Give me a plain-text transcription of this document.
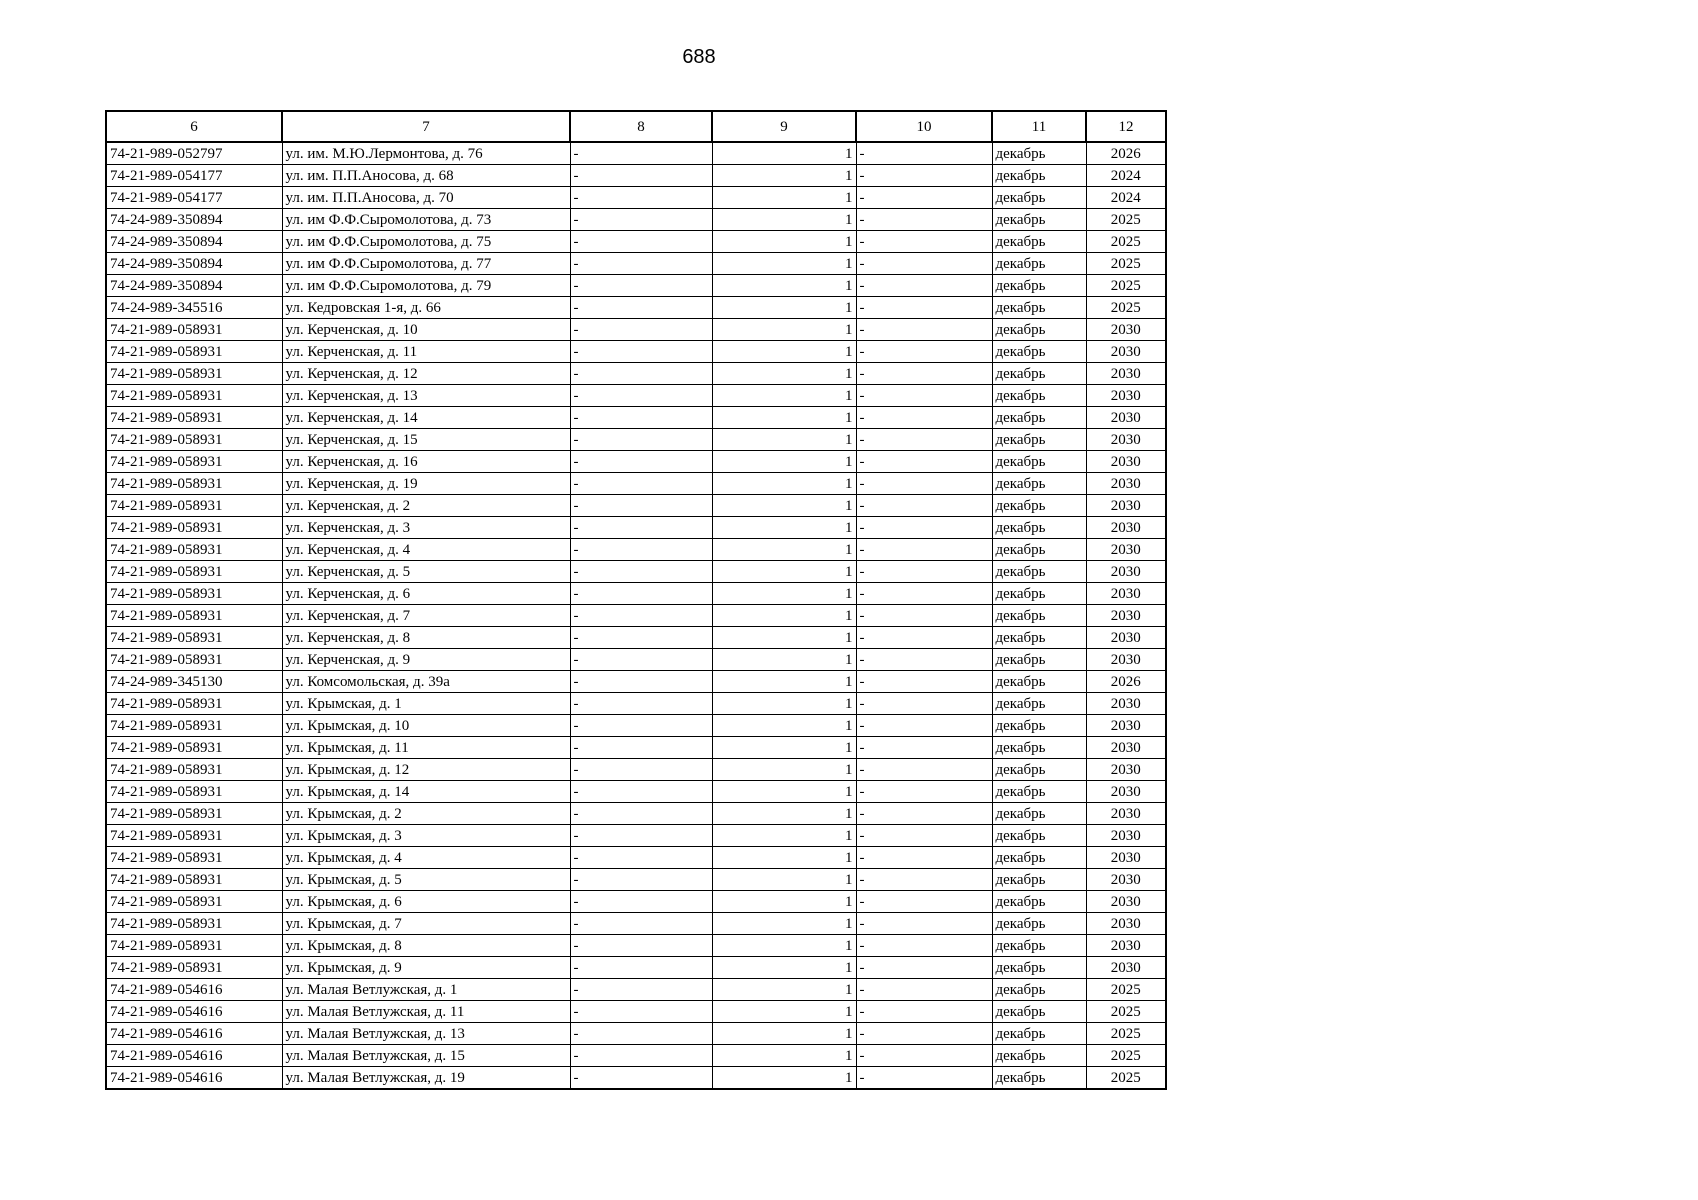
688
6	7	8	9	10	11	12
74-21-989-052797	ул. им. М.Ю.Лермонтова, д. 76	-	1	-	декабрь	2026
74-21-989-054177	ул. им. П.П.Аносова, д. 68	-	1	-	декабрь	2024
74-21-989-054177	ул. им. П.П.Аносова, д. 70	-	1	-	декабрь	2024
74-24-989-350894	ул. им Ф.Ф.Сыромолотова, д. 73	-	1	-	декабрь	2025
74-24-989-350894	ул. им Ф.Ф.Сыромолотова, д. 75	-	1	-	декабрь	2025
74-24-989-350894	ул. им Ф.Ф.Сыромолотова, д. 77	-	1	-	декабрь	2025
74-24-989-350894	ул. им Ф.Ф.Сыромолотова, д. 79	-	1	-	декабрь	2025
74-24-989-345516	ул. Кедровская 1-я, д. 66	-	1	-	декабрь	2025
74-21-989-058931	ул. Керченская, д. 10	-	1	-	декабрь	2030
74-21-989-058931	ул. Керченская, д. 11	-	1	-	декабрь	2030
74-21-989-058931	ул. Керченская, д. 12	-	1	-	декабрь	2030
74-21-989-058931	ул. Керченская, д. 13	-	1	-	декабрь	2030
74-21-989-058931	ул. Керченская, д. 14	-	1	-	декабрь	2030
74-21-989-058931	ул. Керченская, д. 15	-	1	-	декабрь	2030
74-21-989-058931	ул. Керченская, д. 16	-	1	-	декабрь	2030
74-21-989-058931	ул. Керченская, д. 19	-	1	-	декабрь	2030
74-21-989-058931	ул. Керченская, д. 2	-	1	-	декабрь	2030
74-21-989-058931	ул. Керченская, д. 3	-	1	-	декабрь	2030
74-21-989-058931	ул. Керченская, д. 4	-	1	-	декабрь	2030
74-21-989-058931	ул. Керченская, д. 5	-	1	-	декабрь	2030
74-21-989-058931	ул. Керченская, д. 6	-	1	-	декабрь	2030
74-21-989-058931	ул. Керченская, д. 7	-	1	-	декабрь	2030
74-21-989-058931	ул. Керченская, д. 8	-	1	-	декабрь	2030
74-21-989-058931	ул. Керченская, д. 9	-	1	-	декабрь	2030
74-24-989-345130	ул. Комсомольская, д. 39а	-	1	-	декабрь	2026
74-21-989-058931	ул. Крымская, д. 1	-	1	-	декабрь	2030
74-21-989-058931	ул. Крымская, д. 10	-	1	-	декабрь	2030
74-21-989-058931	ул. Крымская, д. 11	-	1	-	декабрь	2030
74-21-989-058931	ул. Крымская, д. 12	-	1	-	декабрь	2030
74-21-989-058931	ул. Крымская, д. 14	-	1	-	декабрь	2030
74-21-989-058931	ул. Крымская, д. 2	-	1	-	декабрь	2030
74-21-989-058931	ул. Крымская, д. 3	-	1	-	декабрь	2030
74-21-989-058931	ул. Крымская, д. 4	-	1	-	декабрь	2030
74-21-989-058931	ул. Крымская, д. 5	-	1	-	декабрь	2030
74-21-989-058931	ул. Крымская, д. 6	-	1	-	декабрь	2030
74-21-989-058931	ул. Крымская, д. 7	-	1	-	декабрь	2030
74-21-989-058931	ул. Крымская, д. 8	-	1	-	декабрь	2030
74-21-989-058931	ул. Крымская, д. 9	-	1	-	декабрь	2030
74-21-989-054616	ул. Малая Ветлужская, д. 1	-	1	-	декабрь	2025
74-21-989-054616	ул. Малая Ветлужская, д. 11	-	1	-	декабрь	2025
74-21-989-054616	ул. Малая Ветлужская, д. 13	-	1	-	декабрь	2025
74-21-989-054616	ул. Малая Ветлужская, д. 15	-	1	-	декабрь	2025
74-21-989-054616	ул. Малая Ветлужская, д. 19	-	1	-	декабрь	2025
